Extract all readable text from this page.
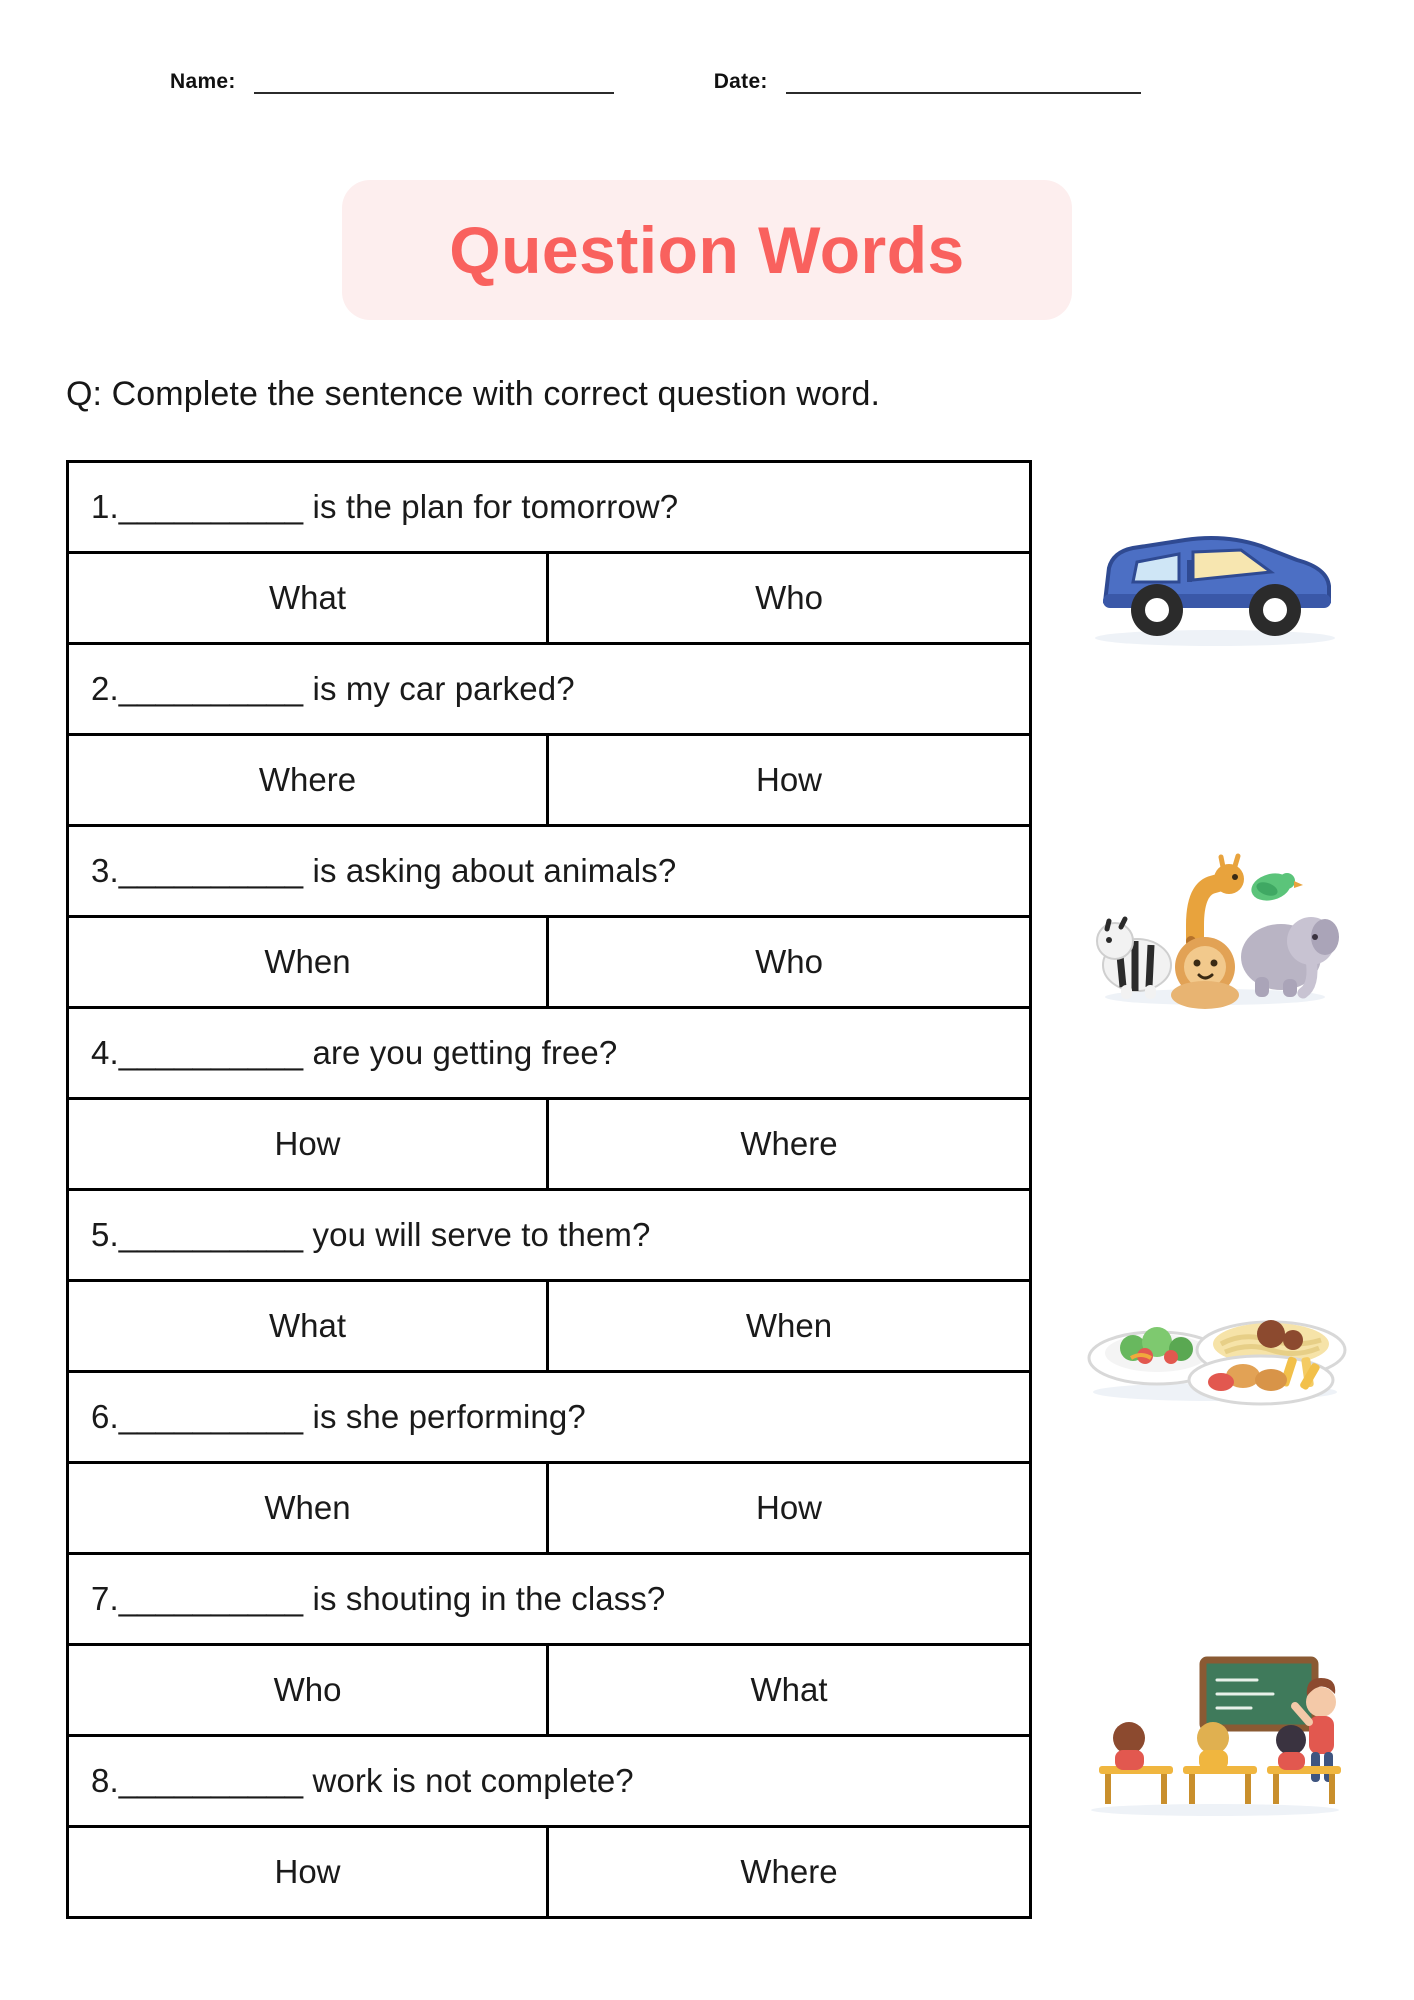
Name:	Date:
Question Words
Q: Complete the sentence with correct question word.
1.__________ is the plan for tomorrow?
What	Who
2.__________ is my car parked?
Where	How
3.__________ is asking about animals?
When	Who
4.__________ are you getting free?
How	Where
5.__________ you will serve to them?
What	When
6.__________ is she performing?
When	How
7.__________ is shouting in the class?
Who	What
8.__________ work is not complete?
How	Where
